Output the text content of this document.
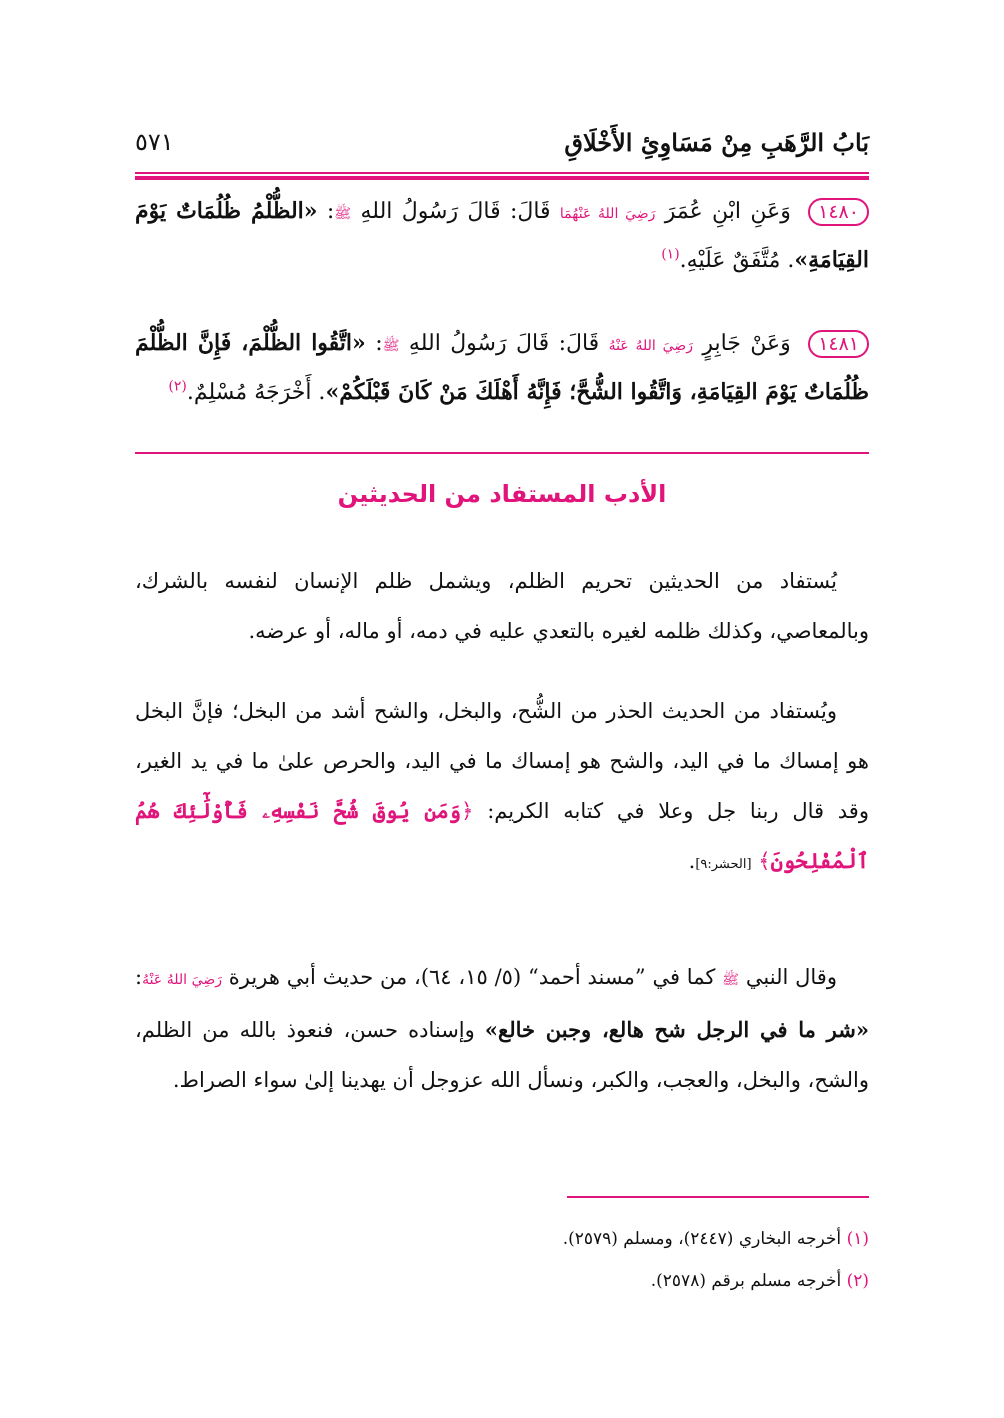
بَابُ الرَّهَبِ مِنْ مَسَاوِئِ الأَخْلَاقِ
٥٧١
١٤٨٠ وَعَنِ ابْنِ عُمَرَ رَضِيَ اللهُ عَنْهُمَا قَالَ: قَالَ رَسُولُ اللهِ ﷺ: «الظُّلْمُ ظُلُمَاتٌ يَوْمَ القِيَامَةِ». مُتَّفَقٌ عَلَيْهِ.$^{(١)}$
١٤٨١ وَعَنْ جَابِرٍ رَضِيَ اللهُ عَنْهُ قَالَ: قَالَ رَسُولُ اللهِ ﷺ: «اتَّقُوا الظُّلْمَ، فَإِنَّ الظُّلْمَ ظُلُمَاتٌ يَوْمَ القِيَامَةِ، وَاتَّقُوا الشُّحَّ؛ فَإِنَّهُ أَهْلَكَ مَنْ كَانَ قَبْلَكُمْ». أَخْرَجَهُ مُسْلِمٌ.$^{(٢)}$
الأدب المستفاد من الحديثين
يُستفاد من الحديثين تحريم الظلم، ويشمل ظلم الإنسان لنفسه بالشرك، وبالمعاصي، وكذلك ظلمه لغيره بالتعدي عليه في دمه، أو ماله، أو عرضه.
ويُستفاد من الحديث الحذر من الشُّح، والبخل، والشح أشد من البخل؛ فإنَّ البخل هو إمساك ما في اليد، والشح هو إمساك ما في اليد، والحرص علىٰ ما في يد الغير، وقد قال ربنا جل وعلا في كتابه الكريم: ﴿وَمَن يُوقَ شُحَّ نَفْسِهِۦ فَأُوْلَٰٓئِكَ هُمُ ٱلْمُفْلِحُونَ﴾ [الحشر:٩].
وقال النبي ﷺ كما في ”مسند أحمد“ (٥/ ١٥، ٦٤)، من حديث أبي هريرة رَضِيَ اللهُ عَنْهُ: «شر ما في الرجل شح هالع، وجبن خالع» وإسناده حسن، فنعوذ بالله من الظلم، والشح، والبخل، والعجب، والكبر، ونسأل الله عزوجل أن يهدينا إلىٰ سواء الصراط.
(١) أخرجه البخاري (٢٤٤٧)، ومسلم (٢٥٧٩).
(٢) أخرجه مسلم برقم (٢٥٧٨).
